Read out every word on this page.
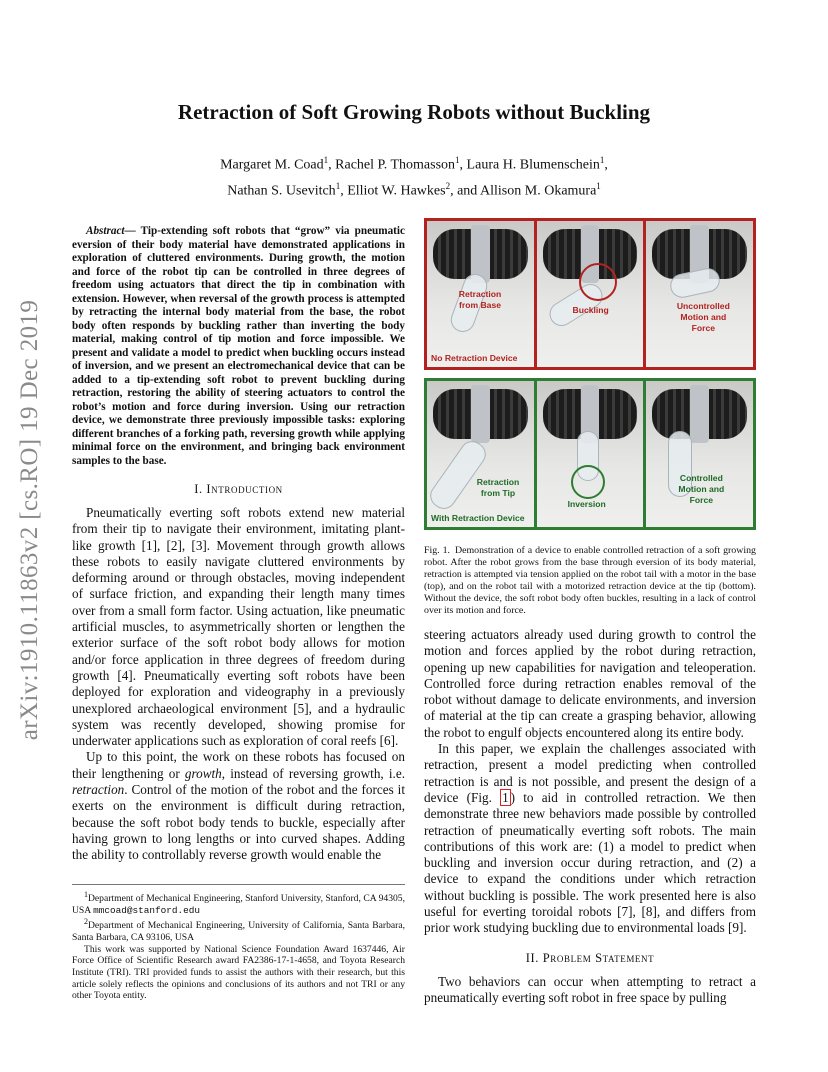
arXiv:1910.11863v2 [cs.RO] 19 Dec 2019
Retraction of Soft Growing Robots without Buckling
Margaret M. Coad$^1$, Rachel P. Thomasson$^1$, Laura H. Blumenschein$^1$,
Nathan S. Usevitch$^1$, Elliot W. Hawkes$^2$, and Allison M. Okamura$^1$

Abstract— Tip-extending soft robots that “grow” via pneumatic eversion of their body material have demonstrated applications in exploration of cluttered environments. During growth, the motion and force of the robot tip can be controlled in three degrees of freedom using actuators that direct the tip in combination with extension. However, when reversal of the growth process is attempted by retracting the internal body material from the base, the robot body often responds by buckling rather than inverting the body material, making control of tip motion and force impossible. We present and validate a model to predict when buckling occurs instead of inversion, and we present an electromechanical device that can be added to a tip-extending soft robot to prevent buckling during retraction, restoring the ability of steering actuators to control the robot’s motion and force during inversion. Using our retraction device, we demonstrate three previously impossible tasks: exploring different branches of a forking path, reversing growth while applying minimal force on the environment, and bringing back environment samples to the base.

I. Introduction

Pneumatically everting soft robots extend new material from their tip to navigate their environment, imitating plant-like growth [1], [2], [3]. Movement through growth allows these robots to easily navigate cluttered environments by deforming around or through obstacles, moving independent of surface friction, and expanding their length many times over from a small form factor. Using actuation, like pneumatic artificial muscles, to asymmetrically shorten or lengthen the exterior surface of the soft robot body allows for motion and/or force application in three degrees of freedom during growth [4]. Pneumatically everting soft robots have been deployed for exploration and videography in a previously unexplored archaeological environment [5], and a hydraulic system was recently developed, showing promise for underwater applications such as exploration of coral reefs [6].

Up to this point, the work on these robots has focused on their lengthening or growth, instead of reversing growth, i.e. retraction. Control of the motion of the robot and the forces it exerts on the environment is difficult during retraction, because the soft robot body tends to buckle, especially after having grown to long lengths or into curved shapes. Adding the ability to controllably reverse growth would enable the

$^1$Department of Mechanical Engineering, Stanford University, Stanford, CA 94305, USA mmcoad@stanford.edu

$^2$Department of Mechanical Engineering, University of California, Santa Barbara, Santa Barbara, CA 93106, USA

This work was supported by National Science Foundation Award 1637446, Air Force Office of Scientific Research award FA2386-17-1-4658, and Toyota Research Institute (TRI). TRI provided funds to assist the authors with their research, but this article solely reflects the opinions and conclusions of its authors and not TRI or any other Toyota entity.

Retraction
from Base
No Retraction Device
Buckling	Uncontrolled
Motion and
Force
Retraction
from Tip
With Retraction Device
Inversion
Controlled
Motion and
Force

Fig. 1. Demonstration of a device to enable controlled retraction of a soft growing robot. After the robot grows from the base through eversion of its body material, retraction is attempted via tension applied on the robot tail with a motor in the base (top), and on the robot tail with a motorized retraction device at the tip (bottom). Without the device, the soft robot body often buckles, resulting in a lack of control over its motion and force.

steering actuators already used during growth to control the motion and forces applied by the robot during retraction, opening up new capabilities for navigation and teleoperation. Controlled force during retraction enables removal of the robot without damage to delicate environments, and inversion of material at the tip can create a grasping behavior, allowing the robot to engulf objects encountered along its entire body.

In this paper, we explain the challenges associated with retraction, present a model predicting when controlled retraction is and is not possible, and present the design of a device (Fig. 1 ) to aid in controlled retraction. We then demonstrate three new behaviors made possible by controlled retraction of pneumatically everting soft robots. The main contributions of this work are: (1) a model to predict when buckling and inversion occur during retraction, and (2) a device to expand the conditions under which retraction without buckling is possible. The work presented here is also useful for everting toroidal robots [7], [8], and differs from prior work studying buckling due to environmental loads [9].

II. Problem Statement

Two behaviors can occur when attempting to retract a pneumatically everting soft robot in free space by pulling
